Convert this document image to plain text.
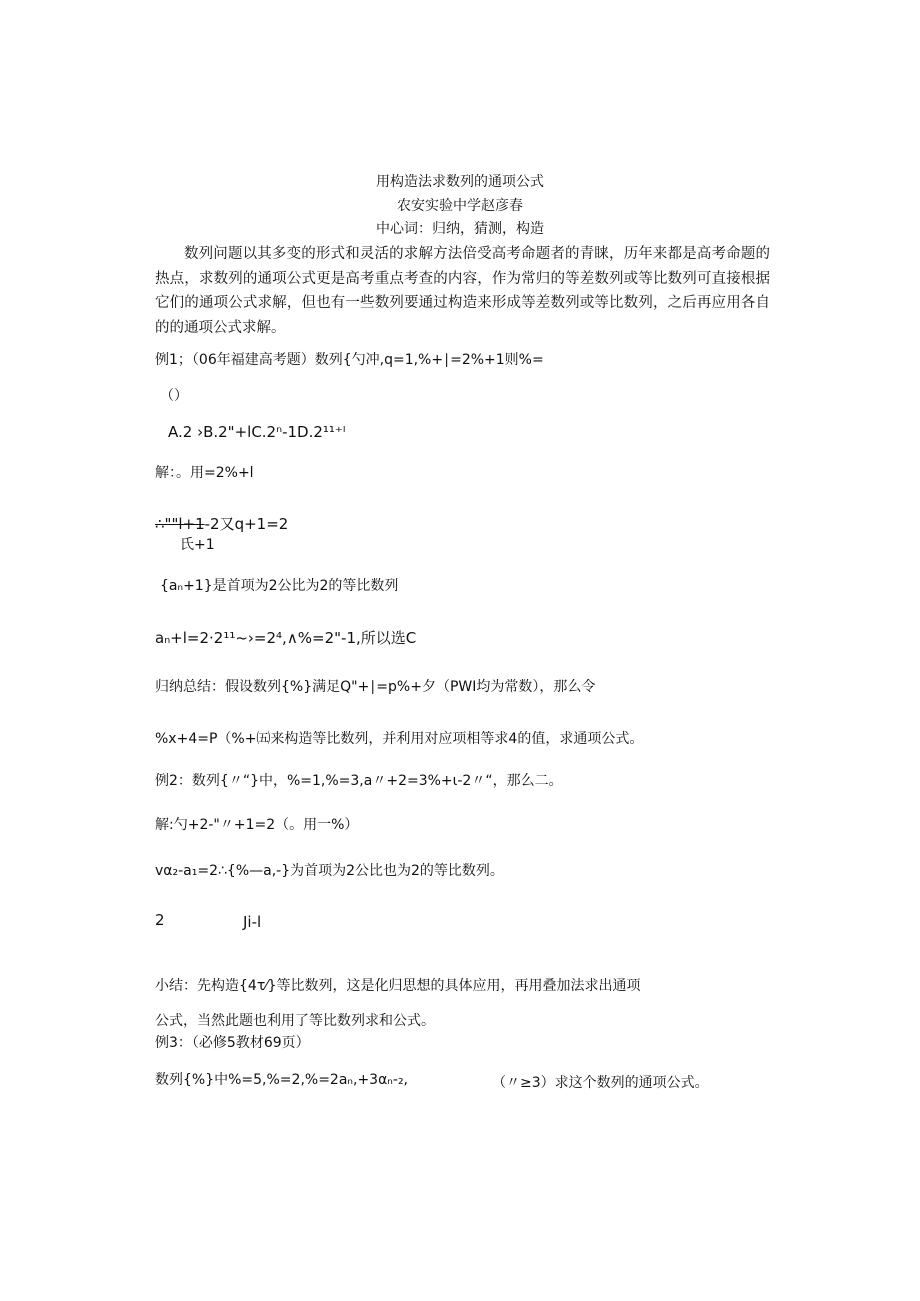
用构造法求数列的通项公式
农安实验中学赵彦春
中心词：归纳，猜测，构造
数列问题以其多变的形式和灵活的求解方法倍受高考命题者的青睐，历年来都是高考命题的热点，求数列的通项公式更是高考重点考查的内容，作为常归的等差数列或等比数列可直接根据它们的通项公式求解，但也有一些数列要通过构造来形成等差数列或等比数列，之后再应用各自的的通项公式求解。
例1；（06年福建高考题）数列{勺冲,q=1,%+∣=2%+1则%=
（）
A.2 ›B.2"+lC.2ⁿ-1D.2¹¹⁺ˡ
解：。用=2%+l
∴""l+1-2又q+1=2
氏+1
{aₙ+1}是首项为2公比为2的等比数列
aₙ+l=2·2¹¹~›=2⁴,∧%=2"-1,所以选C
归纳总结：假设数列{%}满足Q"+∣=p%+夕（PWI均为常数），那么令
%x+4=P（%+㈤来构造等比数列，并利用对应项相等求4的值，求通项公式。
例2：数列{〃“}中，%=1,%=3,a〃+2=3%+ι-2〃“，那么二。
解:勺+2-"〃+1=2（。用一%）
vα₂-a₁=2∴{%—a,-}为首项为2公比也为2的等比数列。
2	Ji-l
小结：先构造{4τ⁄}等比数列，这是化归思想的具体应用，再用叠加法求出通项
公式，当然此题也利用了等比数列求和公式。
例3：（必修5教材69页）
数列{%}中%=5,%=2,%=2aₙ,+3αₙ-₂,	（〃≥3）求这个数列的通项公式。
